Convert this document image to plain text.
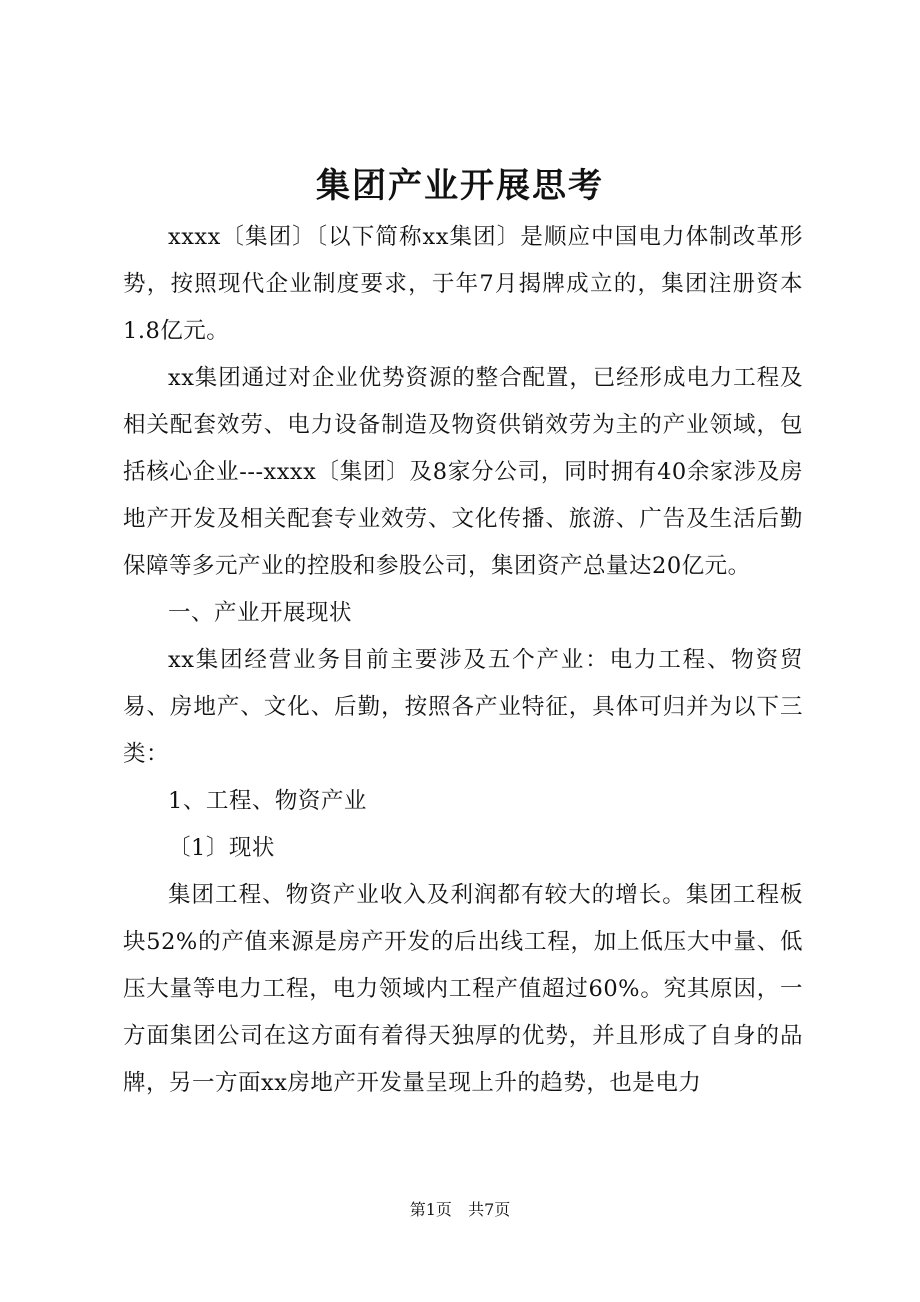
集团产业开展思考

xxxx〔集团〕〔以下简称xx集团〕是顺应中国电力体制改革形势，按照现代企业制度要求，于年7月揭牌成立的，集团注册资本1.8亿元。

xx集团通过对企业优势资源的整合配置，已经形成电力工程及相关配套效劳、电力设备制造及物资供销效劳为主的产业领域，包括核心企业---xxxx〔集团〕及8家分公司，同时拥有40余家涉及房地产开发及相关配套专业效劳、文化传播、旅游、广告及生活后勤保障等多元产业的控股和参股公司，集团资产总量达20亿元。

一、产业开展现状

xx集团经营业务目前主要涉及五个产业：电力工程、物资贸易、房地产、文化、后勤，按照各产业特征，具体可归并为以下三类：

1、工程、物资产业

〔1〕现状

集团工程、物资产业收入及利润都有较大的增长。集团工程板块52%的产值来源是房产开发的后出线工程，加上低压大中量、低压大量等电力工程，电力领域内工程产值超过60%。究其原因，一方面集团公司在这方面有着得天独厚的优势，并且形成了自身的品牌，另一方面xx房地产开发量呈现上升的趋势，也是电力

第1页 共7页
